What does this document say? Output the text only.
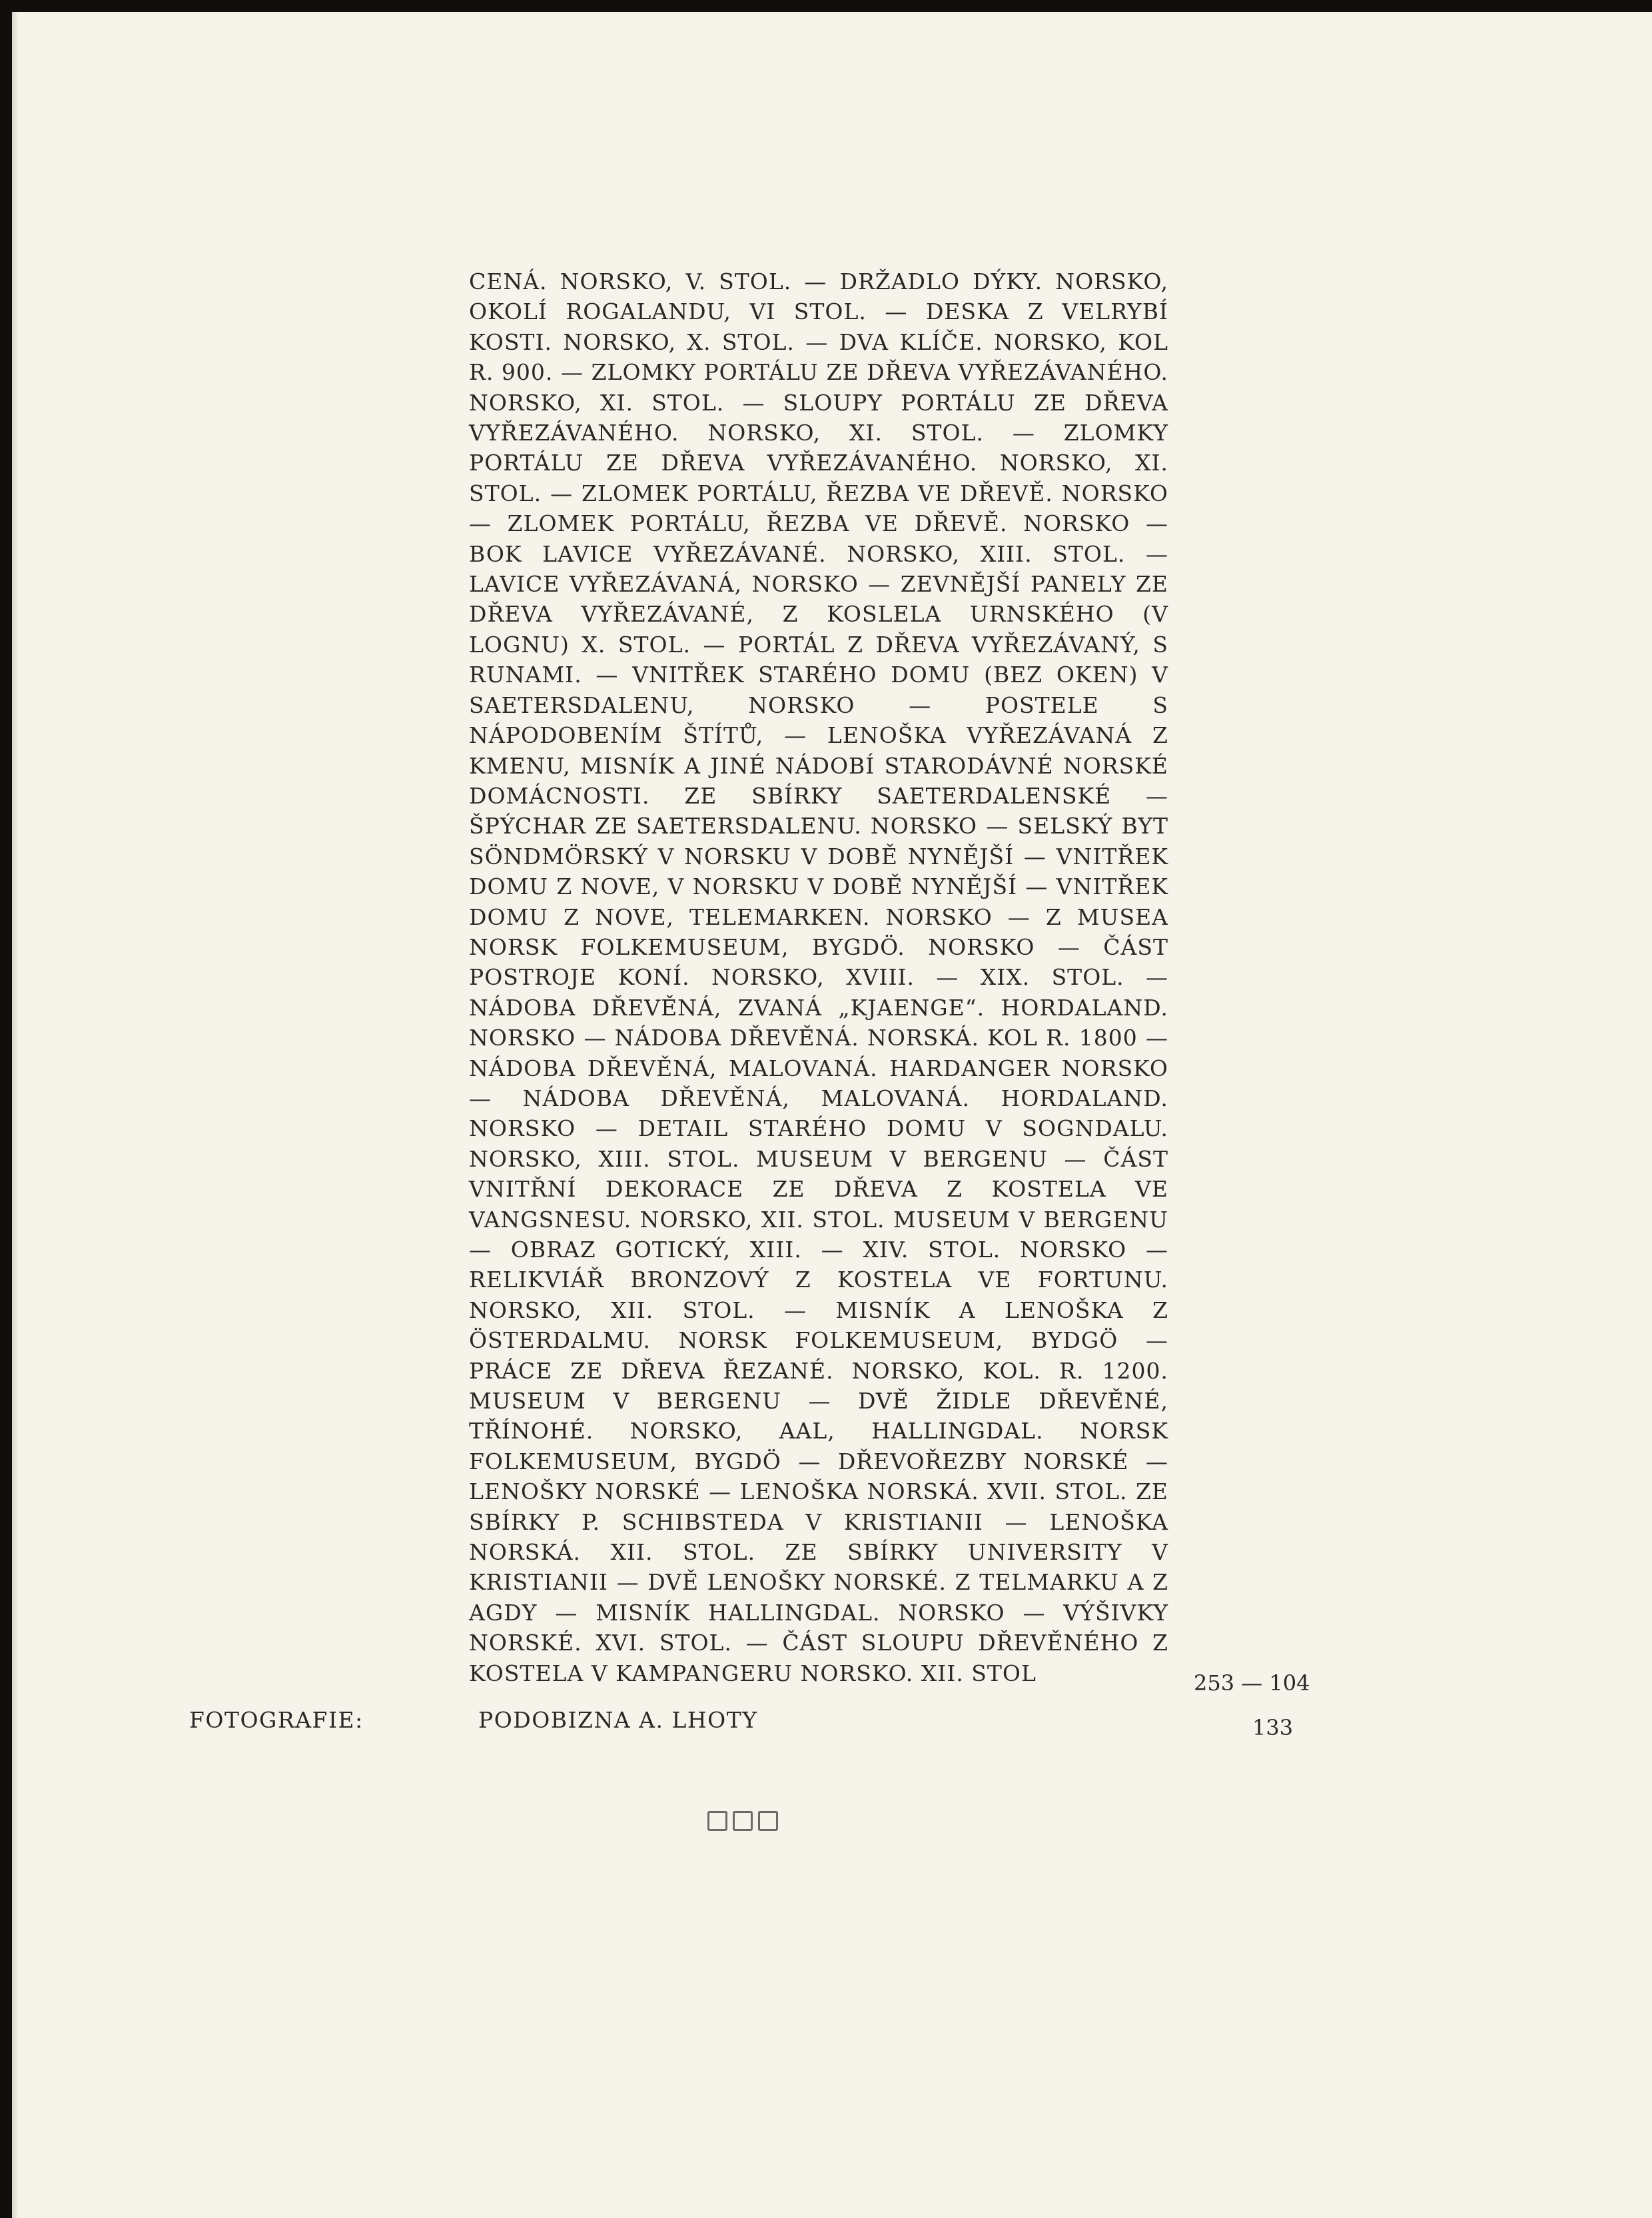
CENÁ. NORSKO, V. STOL. — DRŽADLO DÝKY. NORSKO, OKOLÍ ROGALANDU, VI STOL. — DESKA Z VELRYBÍ KOSTI. NORSKO, X. STOL. — DVA KLÍČE. NORSKO, KOL R. 900. — ZLOMKY PORTÁLU ZE DŘEVA VYŘEZÁVANÉHO. NORSKO, XI. STOL. — SLOUPY PORTÁLU ZE DŘEVA VYŘEZÁVANÉHO. NORSKO, XI. STOL. — ZLOMKY PORTÁLU ZE DŘEVA VYŘEZÁVANÉHO. NORSKO, XI. STOL. — ZLOMEK PORTÁLU, ŘEZBA VE DŘEVĚ. NORSKO — ZLOMEK PORTÁLU, ŘEZBA VE DŘEVĚ. NORSKO — BOK LAVICE VYŘEZÁVANÉ. NORSKO, XIII. STOL. — LAVICE VYŘEZÁVANÁ, NORSKO — ZEVNĚJŠÍ PANELY ZE DŘEVA VYŘEZÁVANÉ, Z KOSLELA URNSKÉHO (V LOGNU) X. STOL. — PORTÁL Z DŘEVA VYŘEZÁVANÝ, S RUNAMI. — VNITŘEK STARÉHO DOMU (BEZ OKEN) V SAETERSDALENU, NORSKO — POSTELE S NÁPODOBENÍM ŠTÍTŮ, — LENOŠKA VYŘEZÁVANÁ Z KMENU, MISNÍK A JINÉ NÁDOBÍ STARODÁVNÉ NORSKÉ DOMÁCNOSTI. ZE SBÍRKY SAETERDALENSKÉ — ŠPÝCHAR ZE SAETERSDALENU. NORSKO — SELSKÝ BYT SÖNDMÖRSKÝ V NORSKU V DOBĚ NYNĚJŠÍ — VNITŘEK DOMU Z NOVE, V NORSKU V DOBĚ NYNĚJŠÍ — VNITŘEK DOMU Z NOVE, TELEMARKEN. NORSKO — Z MUSEA NORSK FOLKEMUSEUM, BYGDÖ. NORSKO — ČÁST POSTROJE KONÍ. NORSKO, XVIII. — XIX. STOL. — NÁDOBA DŘEVĚNÁ, ZVANÁ „KJAENGE“. HORDALAND. NORSKO — NÁDOBA DŘEVĚNÁ. NORSKÁ. KOL R. 1800 — NÁDOBA DŘEVĚNÁ, MALOVANÁ. HARDANGER NORSKO — NÁDOBA DŘEVĚNÁ, MALOVANÁ. HORDALAND. NORSKO — DETAIL STARÉHO DOMU V SOGNDALU. NORSKO, XIII. STOL. MUSEUM V BERGENU — ČÁST VNITŘNÍ DEKORACE ZE DŘEVA Z KOSTELA VE VANGSNESU. NORSKO, XII. STOL. MUSEUM V BERGENU — OBRAZ GOTICKÝ, XIII. — XIV. STOL. NORSKO — RELIKVIÁŘ BRONZOVÝ Z KOSTELA VE FORTUNU. NORSKO, XII. STOL. — MISNÍK A LENOŠKA Z ÖSTERDALMU. NORSK FOLKEMUSEUM, BYDGÖ — PRÁCE ZE DŘEVA ŘEZANÉ. NORSKO, KOL. R. 1200. MUSEUM V BERGENU — DVĚ ŽIDLE DŘEVĚNÉ, TŘÍNOHÉ. NORSKO, AAL, HALLINGDAL. NORSK FOLKEMUSEUM, BYGDÖ — DŘEVOŘEZBY NORSKÉ — LENOŠKY NORSKÉ — LENOŠKA NORSKÁ. XVII. STOL. ZE SBÍRKY P. SCHIBSTEDA V KRISTIANII — LENOŠKA NORSKÁ. XII. STOL. ZE SBÍRKY UNIVERSITY V KRISTIANII — DVĚ LENOŠKY NORSKÉ. Z TELMARKU A Z AGDY — MISNÍK HALLINGDAL. NORSKO — VÝŠIVKY NORSKÉ. XVI. STOL. — ČÁST SLOUPU DŘEVĚNÉHO Z KOSTELA V KAMPANGERU NORSKO. XII. STOL	253 — 104
FOTOGRAFIE:	PODOBIZNA A. LHOTY	133
